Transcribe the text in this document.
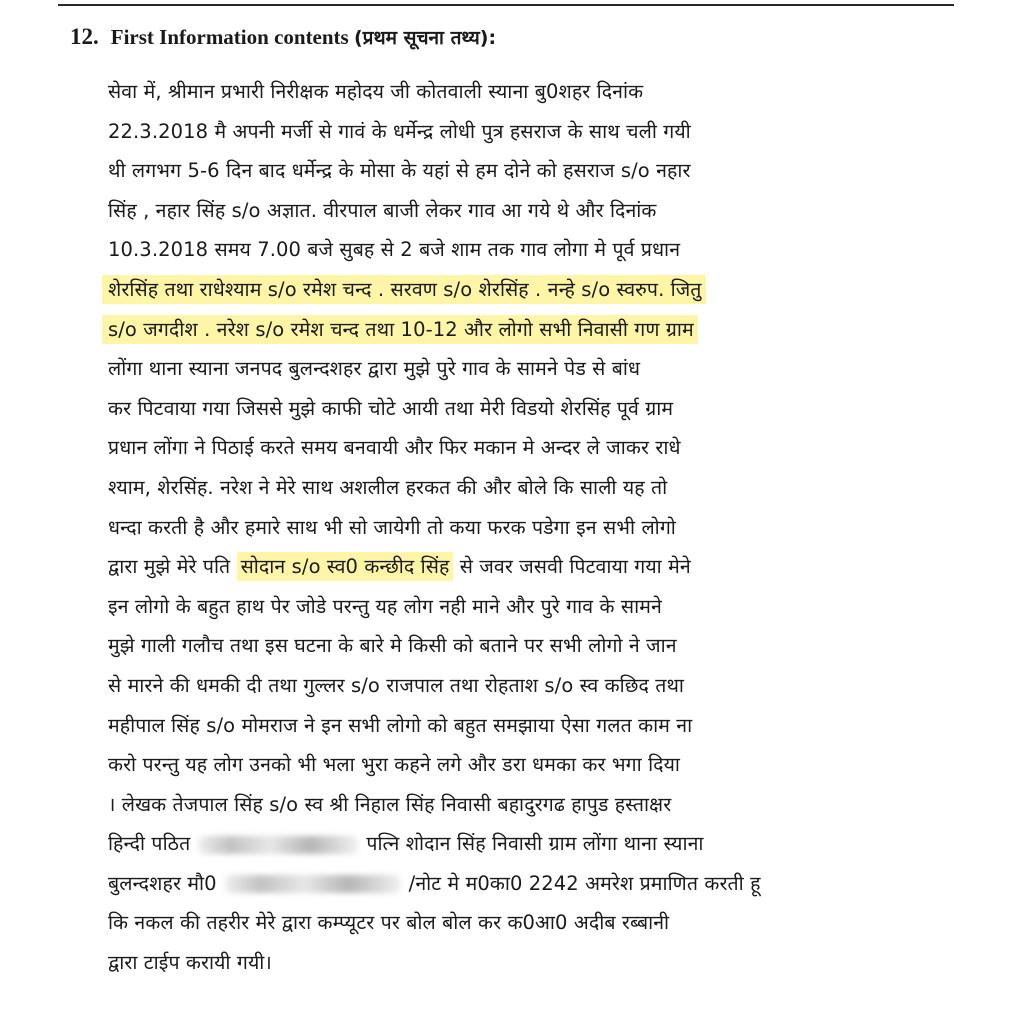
12. First Information contents (प्रथम सूचना तथ्य):
सेवा में, श्रीमान प्रभारी निरीक्षक महोदय जी कोतवाली स्याना बु0शहर दिनांक
22.3.2018 मै अपनी मर्जी से गावं के धर्मेन्द्र लोधी पुत्र हसराज के साथ चली गयी
थी लगभग 5-6 दिन बाद धर्मेन्द्र के मोसा के यहां से हम दोने को हसराज s/o नहार
सिंह , नहार सिंह s/o अज्ञात. वीरपाल बाजी लेकर गाव आ गये थे और दिनांक
10.3.2018 समय 7.00 बजे सुबह से 2 बजे शाम तक गाव लोगा मे पूर्व प्रधान
शेरसिंह तथा राधेश्याम s/o रमेश चन्द . सरवण s/o शेरसिंह . नन्हे s/o स्वरुप. जितु
s/o जगदीश . नरेश s/o रमेश चन्द तथा 10-12 और लोगो सभी निवासी गण ग्राम
लोंगा थाना स्याना जनपद बुलन्दशहर द्वारा मुझे पुरे गाव के सामने पेड से बांध
कर पिटवाया गया जिससे मुझे काफी चोटे आयी तथा मेरी विडयो शेरसिंह पूर्व ग्राम
प्रधान लोंगा ने पिठाई करते समय बनवायी और फिर मकान मे अन्दर ले जाकर राधे
श्याम, शेरसिंह. नरेश ने मेरे साथ अशलील हरकत की और बोले कि साली यह तो
धन्दा करती है और हमारे साथ भी सो जायेगी तो कया फरक पडेगा इन सभी लोगो
द्वारा मुझे मेरे पति सोदान s/o स्व0 कन्छीद सिंह से जवर जसवी पिटवाया गया मेने
इन लोगो के बहुत हाथ पेर जोडे परन्तु यह लोग नही माने और पुरे गाव के सामने
मुझे गाली गलौच तथा इस घटना के बारे मे किसी को बताने पर सभी लोगो ने जान
से मारने की धमकी दी तथा गुल्लर s/o राजपाल तथा रोहताश s/o स्व कछिद तथा
महीपाल सिंह s/o मोमराज ने इन सभी लोगो को बहुत समझाया ऐसा गलत काम ना
करो परन्तु यह लोग उनको भी भला भुरा कहने लगे और डरा धमका कर भगा दिया
। लेखक तेजपाल सिंह s/o स्व श्री निहाल सिंह निवासी बहादुरगढ हापुड हस्ताक्षर
हिन्दी पठित	पत्नि शोदान सिंह निवासी ग्राम लोंगा थाना स्याना
बुलन्दशहर मौ0	/नोट मे म0का0 2242 अमरेश प्रमाणित करती हू
कि नकल की तहरीर मेरे द्वारा कम्प्यूटर पर बोल बोल कर क0आ0 अदीब रब्बानी
द्वारा टाईप करायी गयी।
